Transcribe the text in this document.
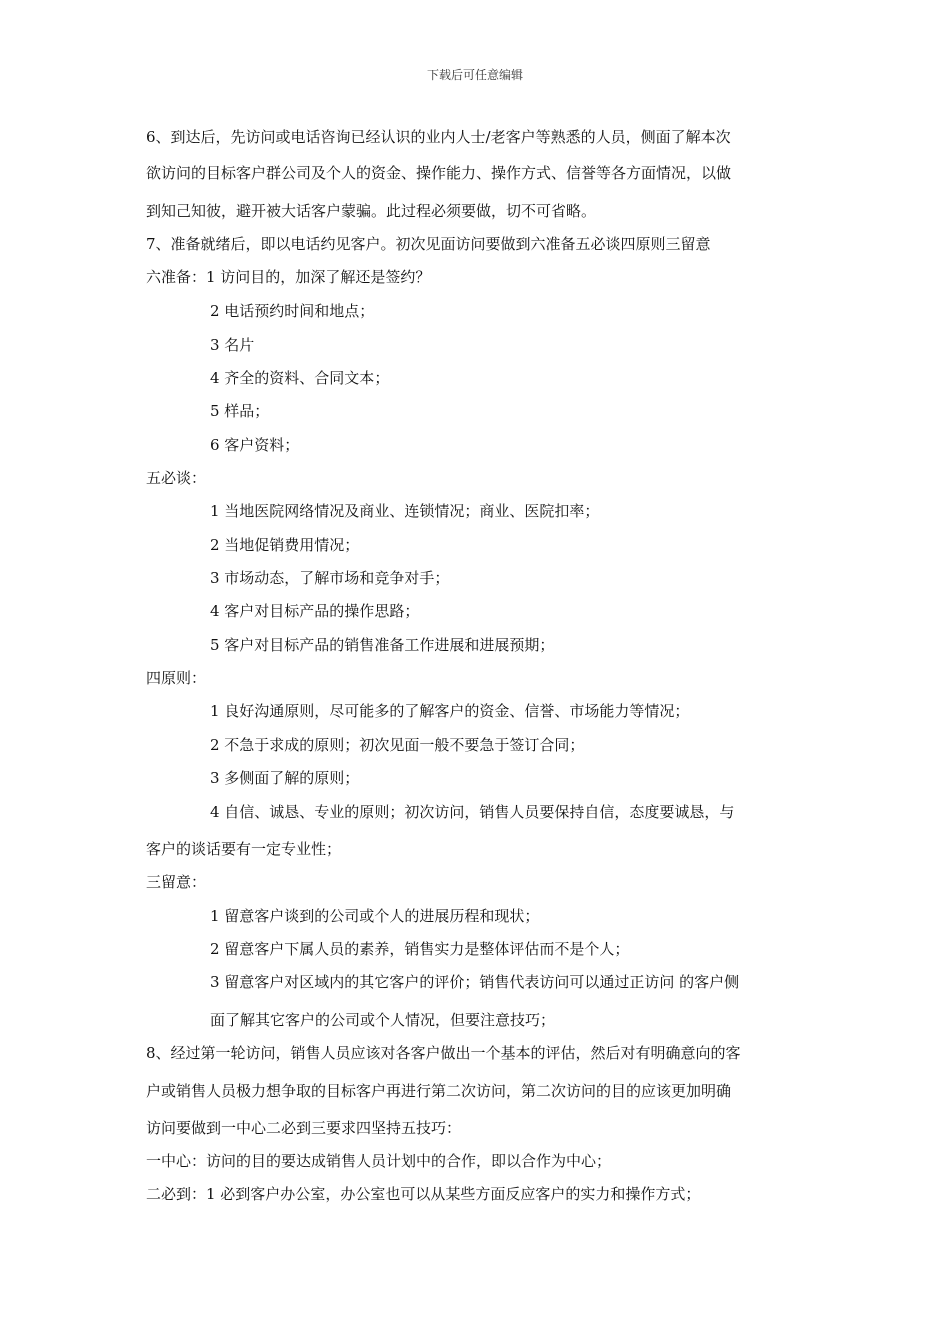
下载后可任意编辑
6、到达后，先访问或电话咨询已经认识的业内人士/老客户等熟悉的人员，侧面了解本次
欲访问的目标客户群公司及个人的资金、操作能力、操作方式、信誉等各方面情况，以做
到知己知彼，避开被大话客户蒙骗。此过程必须要做，切不可省略。
7、准备就绪后，即以电话约见客户。初次见面访问要做到六准备五必谈四原则三留意
六准备：1 访问目的，加深了解还是签约？
2 电话预约时间和地点；
3 名片
4 齐全的资料、合同文本；
5 样品；
6 客户资料；
五必谈：
1 当地医院网络情况及商业、连锁情况；商业、医院扣率；
2 当地促销费用情况；
3 市场动态，了解市场和竞争对手；
4 客户对目标产品的操作思路；
5 客户对目标产品的销售准备工作进展和进展预期；
四原则：
1 良好沟通原则，尽可能多的了解客户的资金、信誉、市场能力等情况；
2 不急于求成的原则；初次见面一般不要急于签订合同；
3 多侧面了解的原则；
4 自信、诚恳、专业的原则；初次访问，销售人员要保持自信，态度要诚恳，与
客户的谈话要有一定专业性；
三留意：
1 留意客户谈到的公司或个人的进展历程和现状；
2 留意客户下属人员的素养，销售实力是整体评估而不是个人；
3 留意客户对区域内的其它客户的评价；销售代表访问可以通过正访问 的客户侧
面了解其它客户的公司或个人情况，但要注意技巧；
8、经过第一轮访问，销售人员应该对各客户做出一个基本的评估，然后对有明确意向的客
户或销售人员极力想争取的目标客户再进行第二次访问，第二次访问的目的应该更加明确
访问要做到一中心二必到三要求四坚持五技巧：
一中心：访问的目的要达成销售人员计划中的合作，即以合作为中心；
二必到：1 必到客户办公室，办公室也可以从某些方面反应客户的实力和操作方式；
